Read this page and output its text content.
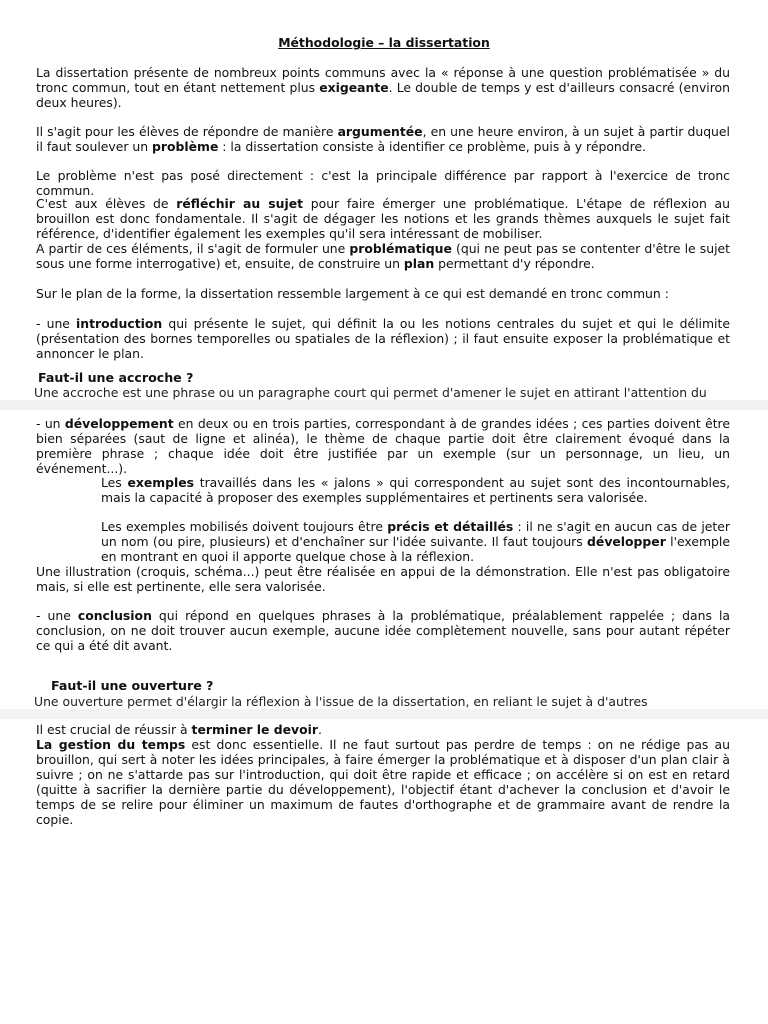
Méthodologie – la dissertation

La dissertation présente de nombreux points communs avec la « réponse à une question problématisée » du tronc commun, tout en étant nettement plus exigeante. Le double de temps y est d'ailleurs consacré (environ deux heures).

Il s'agit pour les élèves de répondre de manière argumentée, en une heure environ, à un sujet à partir duquel il faut soulever un problème : la dissertation consiste à identifier ce problème, puis à y répondre.

Le problème n'est pas posé directement : c'est la principale différence par rapport à l'exercice de tronc commun.

C'est aux élèves de réfléchir au sujet pour faire émerger une problématique. L'étape de réflexion au brouillon est donc fondamentale. Il s'agit de dégager les notions et les grands thèmes auxquels le sujet fait référence, d'identifier également les exemples qu'il sera intéressant de mobiliser.

A partir de ces éléments, il s'agit de formuler une problématique (qui ne peut pas se contenter d'être le sujet sous une forme interrogative) et, ensuite, de construire un plan permettant d'y répondre.

Sur le plan de la forme, la dissertation ressemble largement à ce qui est demandé en tronc commun :

- une introduction qui présente le sujet, qui définit la ou les notions centrales du sujet et qui le délimite (présentation des bornes temporelles ou spatiales de la réflexion) ; il faut ensuite exposer la problématique et annoncer le plan.

Une accroche est une phrase ou un paragraphe court qui permet d'amener le sujet en attirant l'attention du
Faut-il une accroche ?

- un développement en deux ou en trois parties, correspondant à de grandes idées ; ces parties doivent être bien séparées (saut de ligne et alinéa), le thème de chaque partie doit être clairement évoqué dans la première phrase ; chaque idée doit être justifiée par un exemple (sur un personnage, un lieu, un événement...).

Les exemples travaillés dans les « jalons » qui correspondent au sujet sont des incontournables, mais la capacité à proposer des exemples supplémentaires et pertinents sera valorisée.

Les exemples mobilisés doivent toujours être précis et détaillés : il ne s'agit en aucun cas de jeter un nom (ou pire, plusieurs) et d'enchaîner sur l'idée suivante. Il faut toujours développer l'exemple en montrant en quoi il apporte quelque chose à la réflexion.

Une illustration (croquis, schéma...) peut être réalisée en appui de la démonstration. Elle n'est pas obligatoire mais, si elle est pertinente, elle sera valorisée.

- une conclusion qui répond en quelques phrases à la problématique, préalablement rappelée ; dans la conclusion, on ne doit trouver aucun exemple, aucune idée complètement nouvelle, sans pour autant répéter ce qui a été dit avant.

Une ouverture permet d'élargir la réflexion à l'issue de la dissertation, en reliant le sujet à d'autres
Faut-il une ouverture ?

Il est crucial de réussir à terminer le devoir.

La gestion du temps est donc essentielle. Il ne faut surtout pas perdre de temps : on ne rédige pas au brouillon, qui sert à noter les idées principales, à faire émerger la problématique et à disposer d'un plan clair à suivre ; on ne s'attarde pas sur l'introduction, qui doit être rapide et efficace ; on accélère si on est en retard (quitte à sacrifier la dernière partie du développement), l'objectif étant d'achever la conclusion et d'avoir le temps de se relire pour éliminer un maximum de fautes d'orthographe et de grammaire avant de rendre la copie.
